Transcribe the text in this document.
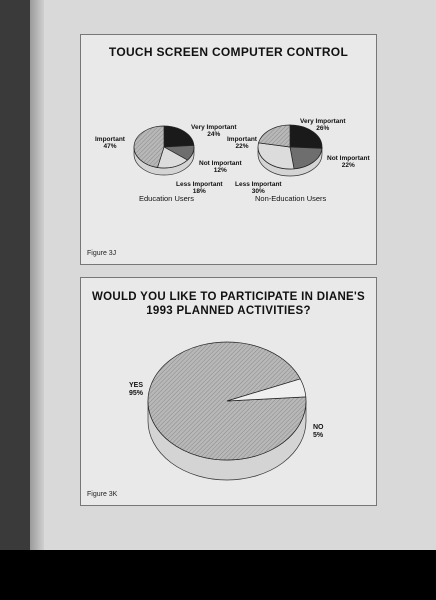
TOUCH SCREEN COMPUTER CONTROL
Important
47%
Very Important
24%
Not Important
12%
Less Important
18%
Education Users
Very Important
26%
Important
22%
Not Important
22%
Less Important
30%
Non-Education Users
Figure 3J
WOULD YOU LIKE TO PARTICIPATE IN DIANE'S
1993 PLANNED ACTIVITIES?
YES
95%
NO
5%
Figure 3K
